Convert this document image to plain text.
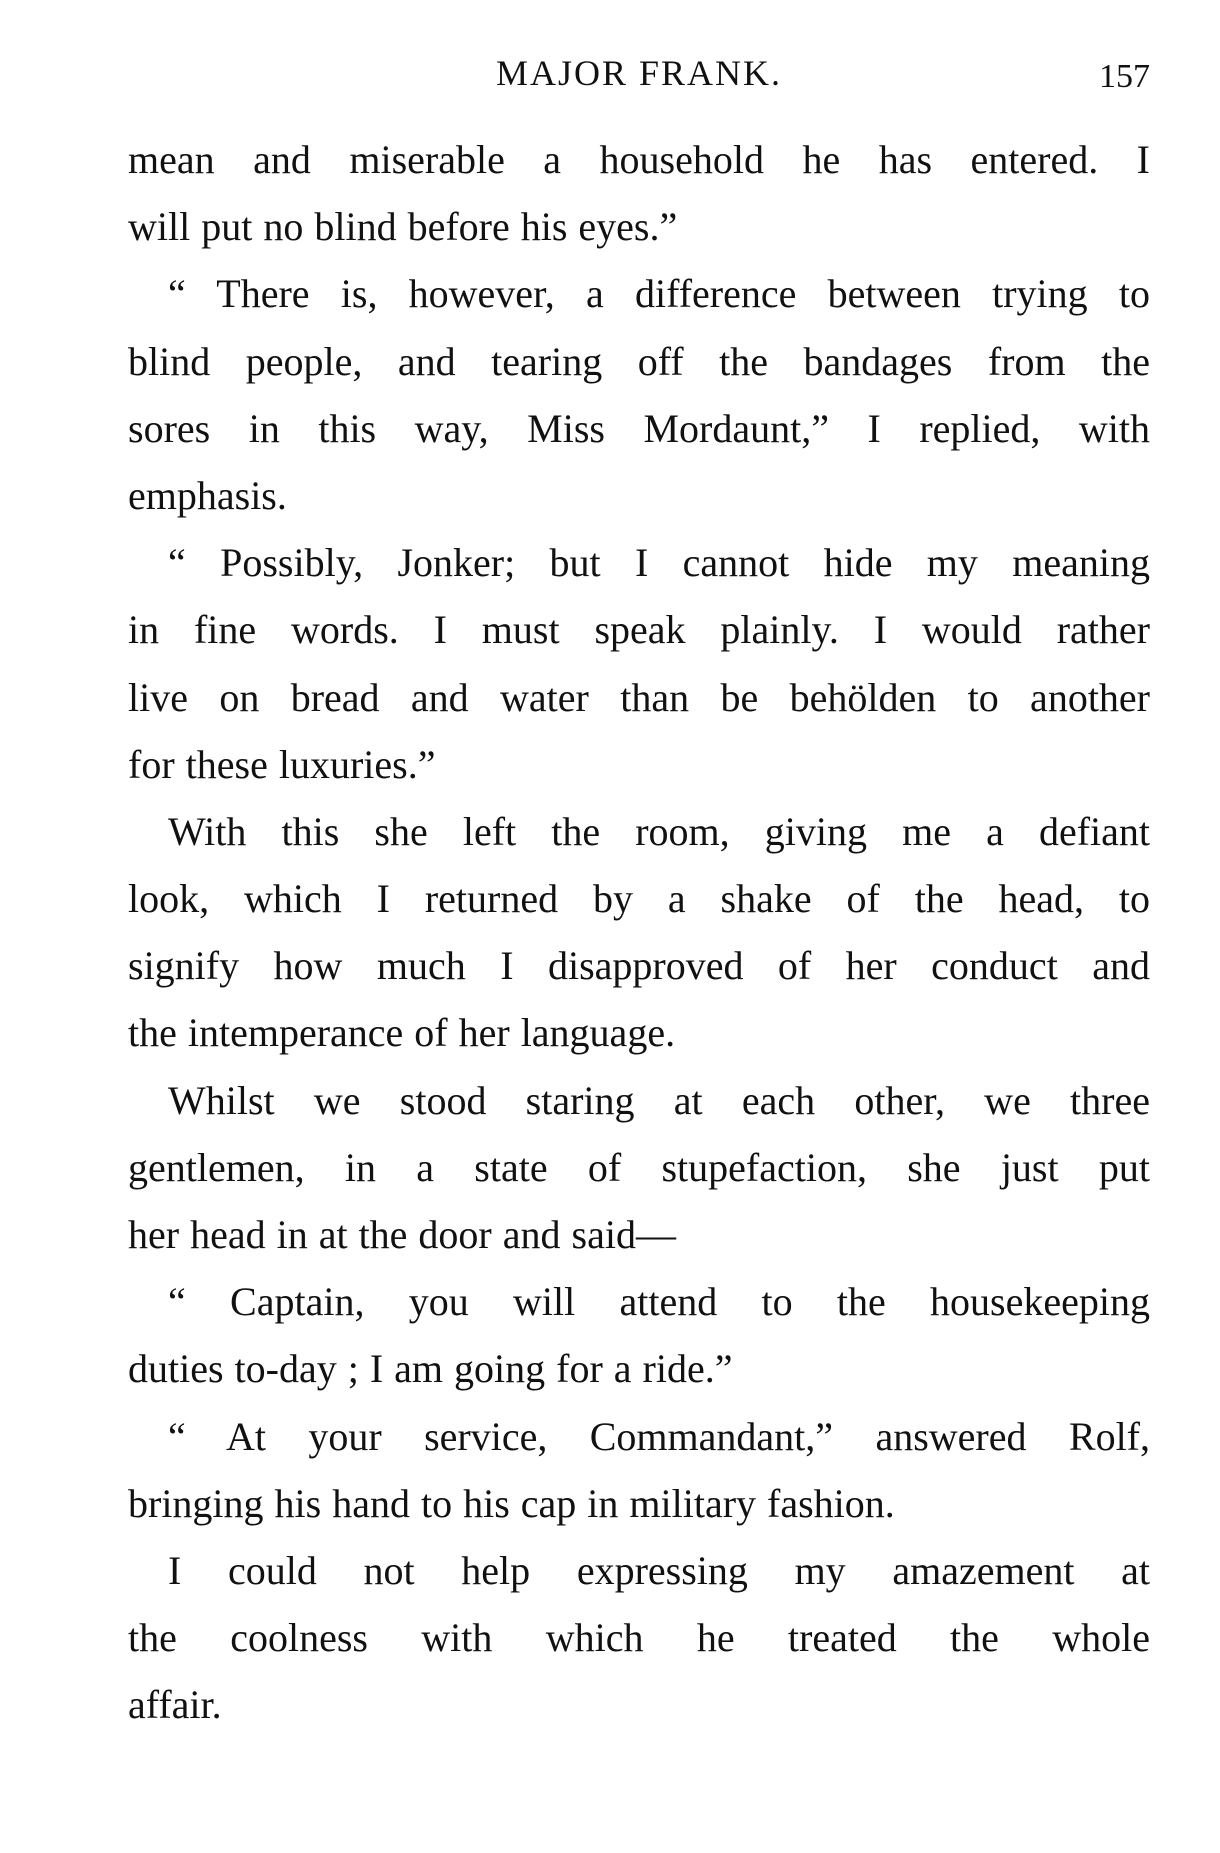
MAJOR FRANK.	157
mean and miserable a household he has entered. I
will put no blind before his eyes.”
“ There is, however, a difference between trying to
blind people, and tearing off the bandages from the
sores in this way, Miss Mordaunt,” I replied, with
emphasis.
“ Possibly, Jonker; but I cannot hide my meaning
in fine words. I must speak plainly. I would rather
live on bread and water than be behölden to another
for these luxuries.”
With this she left the room, giving me a defiant
look, which I returned by a shake of the head, to
signify how much I disapproved of her conduct and
the intemperance of her language.
Whilst we stood staring at each other, we three
gentlemen, in a state of stupefaction, she just put
her head in at the door and said—
“ Captain, you will attend to the housekeeping
duties to-day ; I am going for a ride.”
“ At your service, Commandant,” answered Rolf,
bringing his hand to his cap in military fashion.
I could not help expressing my amazement at
the coolness with which he treated the whole
affair.
